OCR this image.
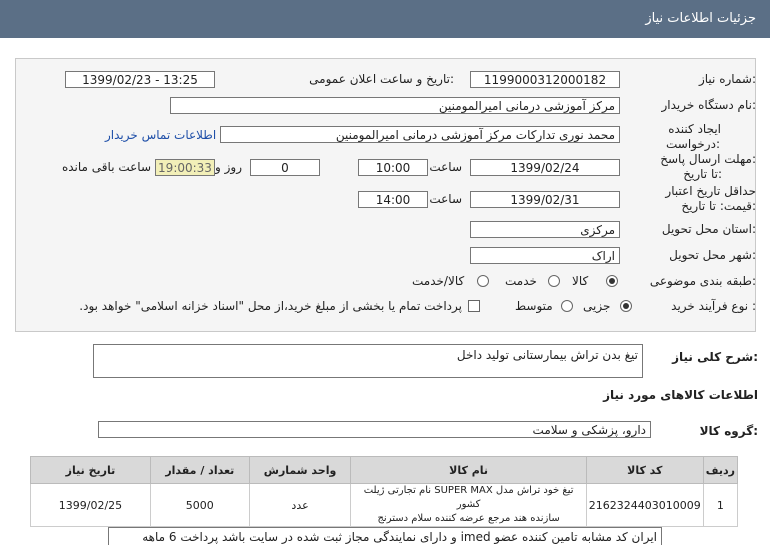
جزئیات اطلاعات نیاز
شماره نیاز:
1199000312000182
تاریخ و ساعت اعلان عمومی:
1399/02/23 - 13:25
نام دستگاه خریدار:
مرکز آموزشی درمانی امیرالمومنین
ایجاد کننده
درخواست:
محمد نوری تدارکات مرکز آموزشی درمانی امیرالمومنین
اطلاعات تماس خریدار
مهلت ارسال پاسخ:
تا تاریخ:
1399/02/24
ساعت
10:00
0
روز و
19:00:33
ساعت باقی مانده
حداقل تاریخ اعتبار
قیمت: تا تاریخ:
1399/02/31
ساعت
14:00
استان محل تحویل:
مرکزی
شهر محل تحویل:
اراک
طبقه بندی موضوعی:
کالا
خدمت
کالا/خدمت
نوع فرآیند خرید :
جزیی
متوسط
پرداخت تمام یا بخشی از مبلغ خرید،از محل "اسناد خزانه اسلامی" خواهد بود.
شرح کلی نیاز:
تیغ بدن تراش بیمارستانی تولید داخل
اطلاعات کالاهای مورد نیاز
گروه کالا:
دارو، پزشکی و سلامت
ردیف	کد کالا	نام کالا	واحد شمارش	تعداد / مقدار	تاریخ نیاز
1	2162324403010009	تیغ خود تراش مدل SUPER MAX نام تجارتی ژیلت کشور
سازنده هند مرجع عرضه کننده سلام دسترنج	عدد	5000	1399/02/25
ایران کد مشابه تامین کننده عضو imed و دارای نمایندگی مجاز ثبت شده در سایت باشد پرداخت 6 ماهه
